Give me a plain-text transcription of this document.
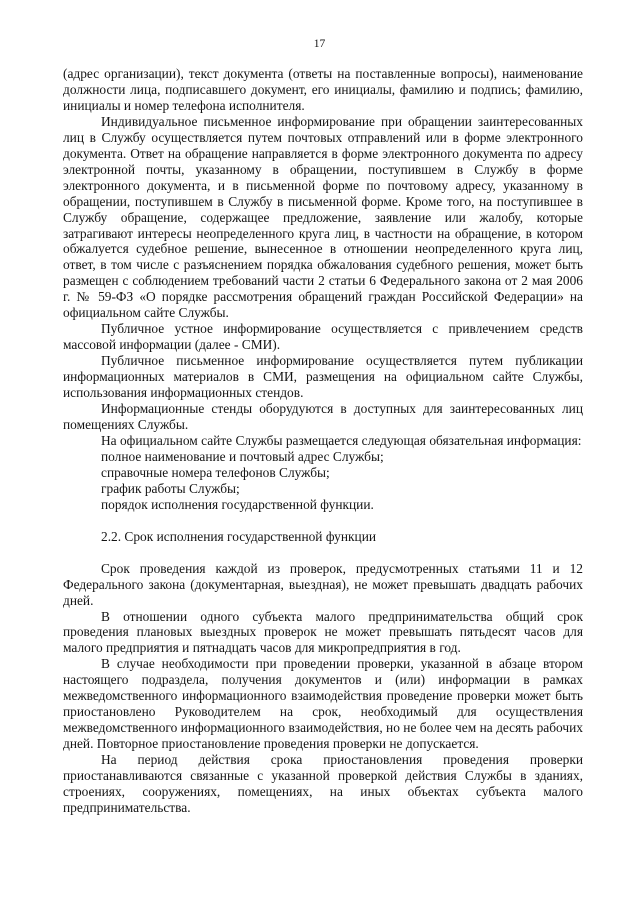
17

(адрес организации), текст документа (ответы на поставленные вопросы), наименование должности лица, подписавшего документ, его инициалы, фамилию и подпись; фамилию, инициалы и номер телефона исполнителя.

Индивидуальное письменное информирование при обращении заинтересованных лиц в Службу осуществляется путем почтовых отправлений или в форме электронного документа. Ответ на обращение направляется в форме электронного документа по адресу электронной почты, указанному в обращении, поступившем в Службу в форме электронного документа, и в письменной форме по почтовому адресу, указанному в обращении, поступившем в Службу в письменной форме. Кроме того, на поступившее в Службу обращение, содержащее предложение, заявление или жалобу, которые затрагивают интересы неопределенного круга лиц, в частности на обращение, в котором обжалуется судебное решение, вынесенное в отношении неопределенного круга лиц, ответ, в том числе с разъяснением порядка обжалования судебного решения, может быть размещен с соблюдением требований части 2 статьи 6 Федерального закона от 2 мая 2006 г. № 59-ФЗ «О порядке рассмотрения обращений граждан Российской Федерации» на официальном сайте Службы.

Публичное устное информирование осуществляется с привлечением средств массовой информации (далее - СМИ).

Публичное письменное информирование осуществляется путем публикации информационных материалов в СМИ, размещения на официальном сайте Службы, использования информационных стендов.

Информационные стенды оборудуются в доступных для заинтересованных лиц помещениях Службы.

На официальном сайте Службы размещается следующая обязательная информация:

полное наименование и почтовый адрес Службы;

справочные номера телефонов Службы;

график работы Службы;

порядок исполнения государственной функции.

2.2. Срок исполнения государственной функции

Срок проведения каждой из проверок, предусмотренных статьями 11 и 12 Федерального закона (документарная, выездная), не может превышать двадцать рабочих дней.

В отношении одного субъекта малого предпринимательства общий срок проведения плановых выездных проверок не может превышать пятьдесят часов для малого предприятия и пятнадцать часов для микропредприятия в год.

В случае необходимости при проведении проверки, указанной в абзаце втором настоящего подраздела, получения документов и (или) информации в рамках межведомственного информационного взаимодействия проведение проверки может быть приостановлено Руководителем на срок, необходимый для осуществления межведомственного информационного взаимодействия, но не более чем на десять рабочих дней. Повторное приостановление проведения проверки не допускается.

На период действия срока приостановления проведения проверки приостанавливаются связанные с указанной проверкой действия Службы в зданиях, строениях, сооружениях, помещениях, на иных объектах субъекта малого предпринимательства.
